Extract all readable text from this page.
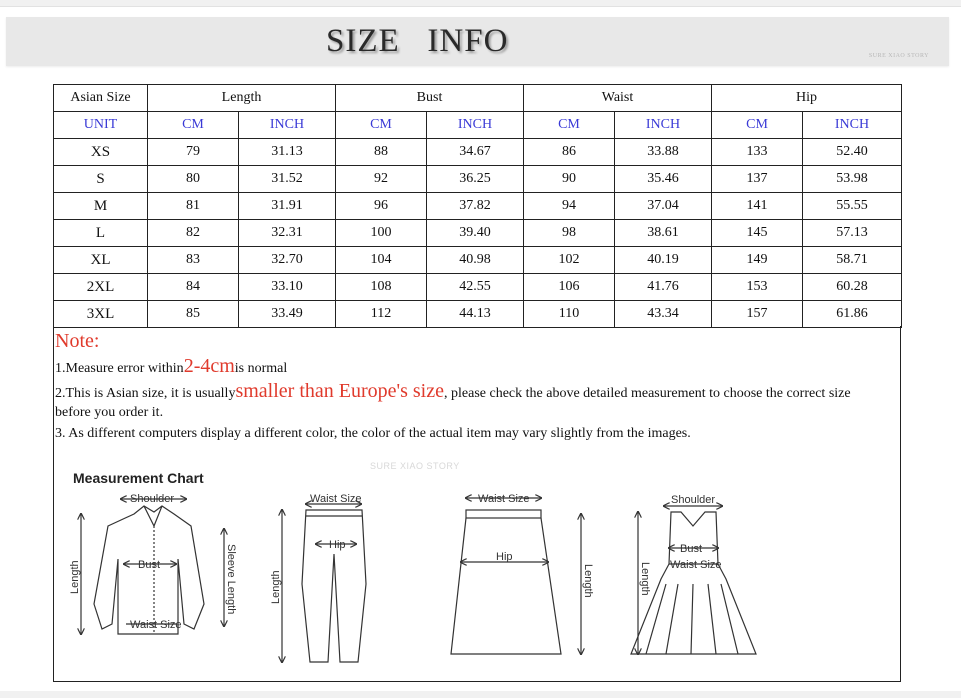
SIZE   INFO	SURE XIAO STORY
Asian Size	Length		Bust		Waist		Hip	
UNIT	CM	INCH	CM	INCH	CM	INCH	CM	INCH
XS	79	31.13	88	34.67	86	33.88	133	52.40
S	80	31.52	92	36.25	90	35.46	137	53.98
M	81	31.91	96	37.82	94	37.04	141	55.55
L	82	32.31	100	39.40	98	38.61	145	57.13
XL	83	32.70	104	40.98	102	40.19	149	58.71
2XL	84	33.10	108	42.55	106	41.76	153	60.28
3XL	85	33.49	112	44.13	110	43.34	157	61.86
Note:
1.Measure error within2-4cmis normal
2.This is Asian size, it is usuallysmaller than Europe's size, please check the above detailed measurement to choose the correct size before you order it.
3. As different computers display a different color, the color of the actual item may vary slightly from the images.
Measurement Chart
SURE XIAO STORY
Shoulder
Bust
Waist Size
Length	Sleeve Length
Waist Size
Hip
Length
Waist Size
Hip
Length
Shoulder
Bust
Waist Size
Length
